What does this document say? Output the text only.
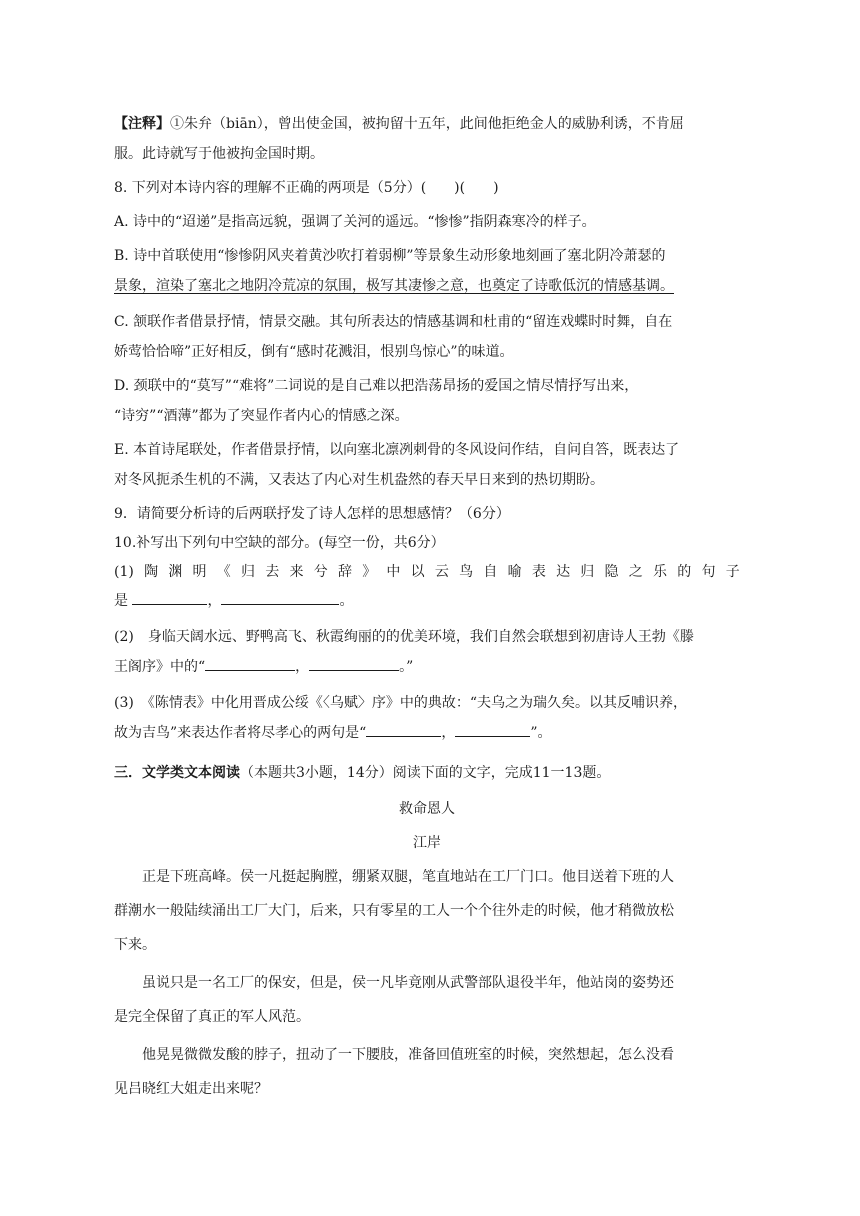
【注释】①朱弁（biān），曾出使金国，被拘留十五年，此间他拒绝金人的威胁利诱，不肯屈

服。此诗就写于他被拘金国时期。

8. 下列对本诗内容的理解不正确的两项是（5分）(　　)(　　)

A. 诗中的“迢递”是指高远貌，强调了关河的遥远。“惨惨”指阴森寒冷的样子。

B. 诗中首联使用“惨惨阴风夹着黄沙吹打着弱柳”等景象生动形象地刻画了塞北阴冷萧瑟的

景象，渲染了塞北之地阴冷荒凉的氛围，极写其凄惨之意，也奠定了诗歌低沉的情感基调。

C. 颔联作者借景抒情，情景交融。其句所表达的情感基调和杜甫的“留连戏蝶时时舞，自在

娇莺恰恰啼”正好相反，倒有“感时花溅泪，恨别鸟惊心”的味道。

D. 颈联中的“莫写”“难将”二词说的是自己难以把浩荡昂扬的爱国之情尽情抒写出来，

“诗穷”“酒薄”都为了突显作者内心的情感之深。

E. 本首诗尾联处，作者借景抒情，以向塞北凛冽刺骨的冬风设问作结，自问自答，既表达了

对冬风扼杀生机的不满，又表达了内心对生机盎然的春天早日来到的热切期盼。

9．请简要分析诗的后两联抒发了诗人怎样的思想感情？（6分）

10.补写出下列句中空缺的部分。(每空一份，共6分）

(1) 陶 渊 明 《 归 去 来 兮 辞 》 中 以 云 鸟 自 喻 表 达 归 隐 之 乐 的 句 子

是	，	。

(2)　身临天阔水远、野鸭高飞、秋霞绚丽的的优美环境，我们自然会联想到初唐诗人王勃《滕

王阁序》中的“	，	。”

(3)　《陈情表》中化用晋成公绥《〈乌赋〉序》中的典故：“夫乌之为瑞久矣。以其反哺识养，

故为吉鸟”来表达作者将尽孝心的两句是“	，	”。

三．文学类文本阅读（本题共3小题，14分）阅读下面的文字，完成11一13题。

救命恩人

江岸

正是下班高峰。侯一凡挺起胸膛，绷紧双腿，笔直地站在工厂门口。他目送着下班的人

群潮水一般陆续涌出工厂大门，后来，只有零星的工人一个个往外走的时候，他才稍微放松

下来。

虽说只是一名工厂的保安，但是，侯一凡毕竟刚从武警部队退役半年，他站岗的姿势还

是完全保留了真正的军人风范。

他晃晃微微发酸的脖子，扭动了一下腰肢，准备回值班室的时候，突然想起，怎么没看

见吕晓红大姐走出来呢？
